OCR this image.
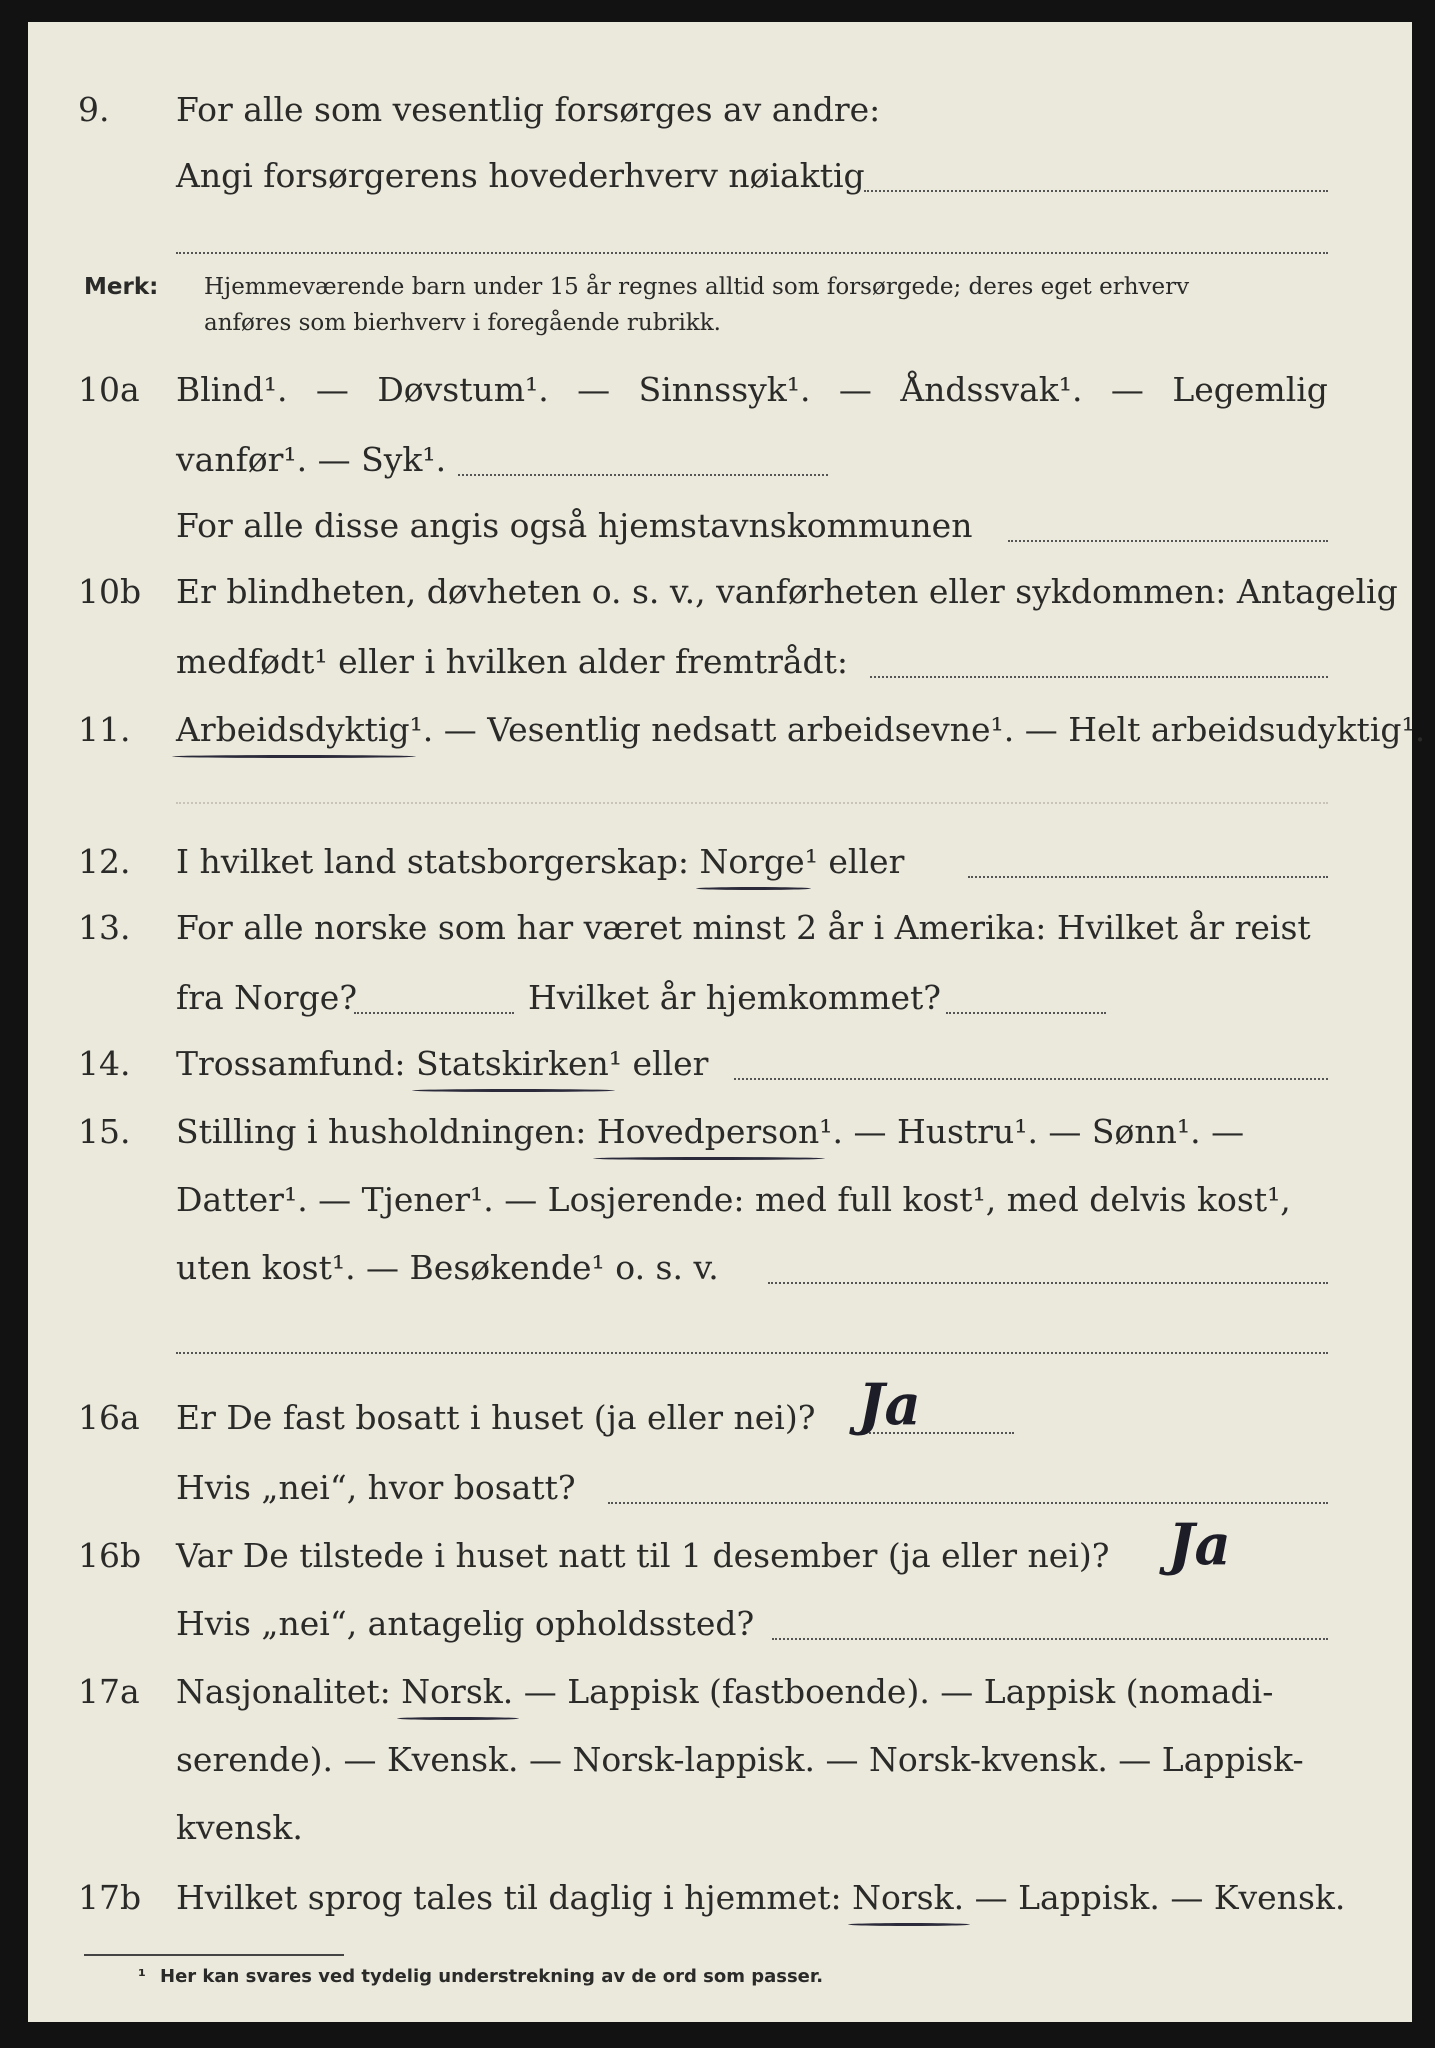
9. For alle som vesentlig forsørges av andre:
Angi forsørgerens hovederhverv nøiaktig
Merk: Hjemmeværende barn under 15 år regnes alltid som forsørgede; deres eget erhverv
anføres som bierhverv i foregående rubrikk.
10a Blind¹. — Døvstum¹. — Sinnssyk¹. — Åndssvak¹. — Legemlig
vanfør¹. — Syk¹.
For alle disse angis også hjemstavnskommunen
10b Er blindheten, døvheten o. s. v., vanførheten eller sykdommen: Antagelig
medfødt¹ eller i hvilken alder fremtrådt:
11. Arbeidsdyktig¹. — Vesentlig nedsatt arbeidsevne¹. — Helt arbeidsudyktig¹.
12. I hvilket land statsborgerskap: Norge¹ eller
13. For alle norske som har været minst 2 år i Amerika: Hvilket år reist
fra Norge?	Hvilket år hjemkommet?
14. Trossamfund: Statskirken¹ eller
15. Stilling i husholdningen: Hovedperson¹. — Hustru¹. — Sønn¹. —
Datter¹. — Tjener¹. — Losjerende: med full kost¹, med delvis kost¹,
uten kost¹. — Besøkende¹ o. s. v.
16a Er De fast bosatt i huset (ja eller nei)? Ja
Hvis „nei“, hvor bosatt?
16b Var De tilstede i huset natt til 1 desember (ja eller nei)? Ja
Hvis „nei“, antagelig opholdssted?
17a Nasjonalitet: Norsk. — Lappisk (fastboende). — Lappisk (nomadi-
serende). — Kvensk. — Norsk-lappisk. — Norsk-kvensk. — Lappisk-
kvensk.
17b Hvilket sprog tales til daglig i hjemmet: Norsk. — Lappisk. — Kvensk.
¹ Her kan svares ved tydelig understrekning av de ord som passer.
